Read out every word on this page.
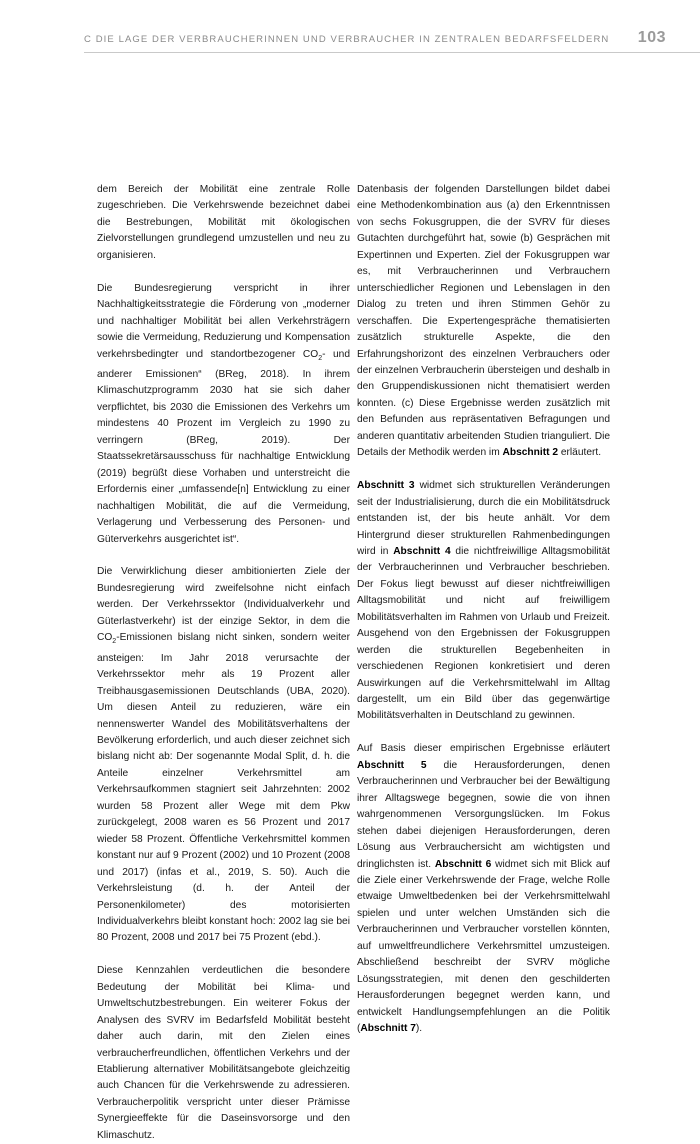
C DIE LAGE DER VERBRAUCHERINNEN UND VERBRAUCHER IN ZENTRALEN BEDARFSFELDERN 103

dem Bereich der Mobilität eine zentrale Rolle zugeschrieben. Die Verkehrswende bezeichnet dabei die Bestrebungen, Mobilität mit ökologischen Zielvorstellungen grundlegend umzustellen und neu zu organisieren.

Die Bundesregierung verspricht in ihrer Nachhaltigkeitsstrategie die Förderung von „moderner und nachhaltiger Mobilität bei allen Verkehrsträgern sowie die Vermeidung, Reduzierung und Kompensation verkehrsbedingter und standortbezogener $CO_2-$ und anderer Emissionen“ (BReg, 2018). In ihrem Klimaschutzprogramm 2030 hat sie sich daher verpflichtet, bis 2030 die Emissionen des Verkehrs um mindestens 40 Prozent im Vergleich zu 1990 zu verringern (BReg, 2019). Der Staatssekretärsausschuss für nachhaltige Entwicklung (2019) begrüßt diese Vorhaben und unterstreicht die Erfordernis einer „umfassende[n] Entwicklung zu einer nachhaltigen Mobilität, die auf die Vermeidung, Verlagerung und Verbesserung des Personen- und Güterverkehrs ausgerichtet ist“.

Die Verwirklichung dieser ambitionierten Ziele der Bundesregierung wird zweifelsohne nicht einfach werden. Der Verkehrssektor (Individualverkehr und Güterlastverkehr) ist der einzige Sektor, in dem die $CO_2$-Emissionen bislang nicht sinken, sondern weiter ansteigen: Im Jahr 2018 verursachte der Verkehrssektor mehr als 19 Prozent aller Treibhausgasemissionen Deutschlands (UBA, 2020). Um diesen Anteil zu reduzieren, wäre ein nennenswerter Wandel des Mobilitätsverhaltens der Bevölkerung erforderlich, und auch dieser zeichnet sich bislang nicht ab: Der sogenannte Modal Split, d. h. die Anteile einzelner Verkehrsmittel am Verkehrsaufkommen stagniert seit Jahrzehnten: 2002 wurden 58 Prozent aller Wege mit dem Pkw zurückgelegt, 2008 waren es 56 Prozent und 2017 wieder 58 Prozent. Öffentliche Verkehrsmittel kommen konstant nur auf 9 Prozent (2002) und 10 Prozent (2008 und 2017) (infas et al., 2019, S. 50). Auch die Verkehrsleistung (d. h. der Anteil der Personenkilometer) des motorisierten Individualverkehrs bleibt konstant hoch: 2002 lag sie bei 80 Prozent, 2008 und 2017 bei 75 Prozent (ebd.).

Diese Kennzahlen verdeutlichen die besondere Bedeutung der Mobilität bei Klima- und Umweltschutzbestrebungen. Ein weiterer Fokus der Analysen des SVRV im Bedarfsfeld Mobilität besteht daher auch darin, mit den Zielen eines verbraucherfreundlichen, öffentlichen Verkehrs und der Etablierung alternativer Mobilitätsangebote gleichzeitig auch Chancen für die Verkehrswende zu adressieren. Verbraucherpolitik verspricht unter dieser Prämisse Synergieeffekte für die Daseinsvorsorge und den Klimaschutz.

Datenbasis der folgenden Darstellungen bildet dabei eine Methodenkombination aus (a) den Erkenntnissen von sechs Fokusgruppen, die der SVRV für dieses Gutachten durchgeführt hat, sowie (b) Gesprächen mit Expertinnen und Experten. Ziel der Fokusgruppen war es, mit Verbraucherinnen und Verbrauchern unterschiedlicher Regionen und Lebenslagen in den Dialog zu treten und ihren Stimmen Gehör zu verschaffen. Die Expertengespräche thematisierten zusätzlich strukturelle Aspekte, die den Erfahrungshorizont des einzelnen Verbrauchers oder der einzelnen Verbraucherin übersteigen und deshalb in den Gruppendiskussionen nicht thematisiert werden konnten. (c) Diese Ergebnisse werden zusätzlich mit den Befunden aus repräsentativen Befragungen und anderen quantitativ arbeitenden Studien trianguliert. Die Details der Methodik werden im Abschnitt 2 erläutert.

Abschnitt 3 widmet sich strukturellen Veränderungen seit der Industrialisierung, durch die ein Mobilitätsdruck entstanden ist, der bis heute anhält. Vor dem Hintergrund dieser strukturellen Rahmenbedingungen wird in Abschnitt 4 die nichtfreiwillige Alltagsmobilität der Verbraucherinnen und Verbraucher beschrieben. Der Fokus liegt bewusst auf dieser nichtfreiwilligen Alltagsmobilität und nicht auf freiwilligem Mobilitätsverhalten im Rahmen von Urlaub und Freizeit. Ausgehend von den Ergebnissen der Fokusgruppen werden die strukturellen Begebenheiten in verschiedenen Regionen konkretisiert und deren Auswirkungen auf die Verkehrsmittelwahl im Alltag dargestellt, um ein Bild über das gegenwärtige Mobilitätsverhalten in Deutschland zu gewinnen.

Auf Basis dieser empirischen Ergebnisse erläutert Abschnitt 5 die Herausforderungen, denen Verbraucherinnen und Verbraucher bei der Bewältigung ihrer Alltagswege begegnen, sowie die von ihnen wahrgenommenen Versorgungslücken. Im Fokus stehen dabei diejenigen Herausforderungen, deren Lösung aus Verbrauchersicht am wichtigsten und dringlichsten ist. Abschnitt 6 widmet sich mit Blick auf die Ziele einer Verkehrswende der Frage, welche Rolle etwaige Umweltbedenken bei der Verkehrsmittelwahl spielen und unter welchen Umständen sich die Verbraucherinnen und Verbraucher vorstellen könnten, auf umweltfreundlichere Verkehrsmittel umzusteigen. Abschließend beschreibt der SVRV mögliche Lösungsstrategien, mit denen den geschilderten Herausforderungen begegnet werden kann, und entwickelt Handlungsempfehlungen an die Politik (Abschnitt 7).
